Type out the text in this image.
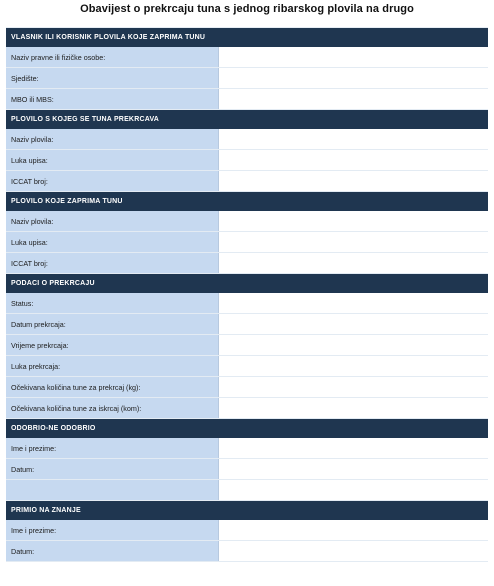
Obavijest o prekrcaju tuna s jednog ribarskog plovila na drugo
VLASNIK ILI KORISNIK PLOVILA KOJE ZAPRIMA TUNU	
Naziv pravne ili fizičke osobe:	
Sjedište:	
MBO ili MBS:	
PLOVILO S KOJEG SE TUNA PREKRCAVA	
Naziv plovila:	
Luka upisa:	
ICCAT broj:	
PLOVILO KOJE ZAPRIMA TUNU	
Naziv plovila:	
Luka upisa:	
ICCAT broj:	
PODACI O PREKRCAJU	
Status:	
Datum prekrcaja:	
Vrijeme prekrcaja:	
Luka prekrcaja:	
Očekivana količina tune za prekrcaj (kg):	
Očekivana količina tune za iskrcaj (kom):	
ODOBRIO-NE ODOBRIO	
Ime i prezime:	
Datum:	

PRIMIO NA ZNANJE	
Ime i prezime:	
Datum:	
